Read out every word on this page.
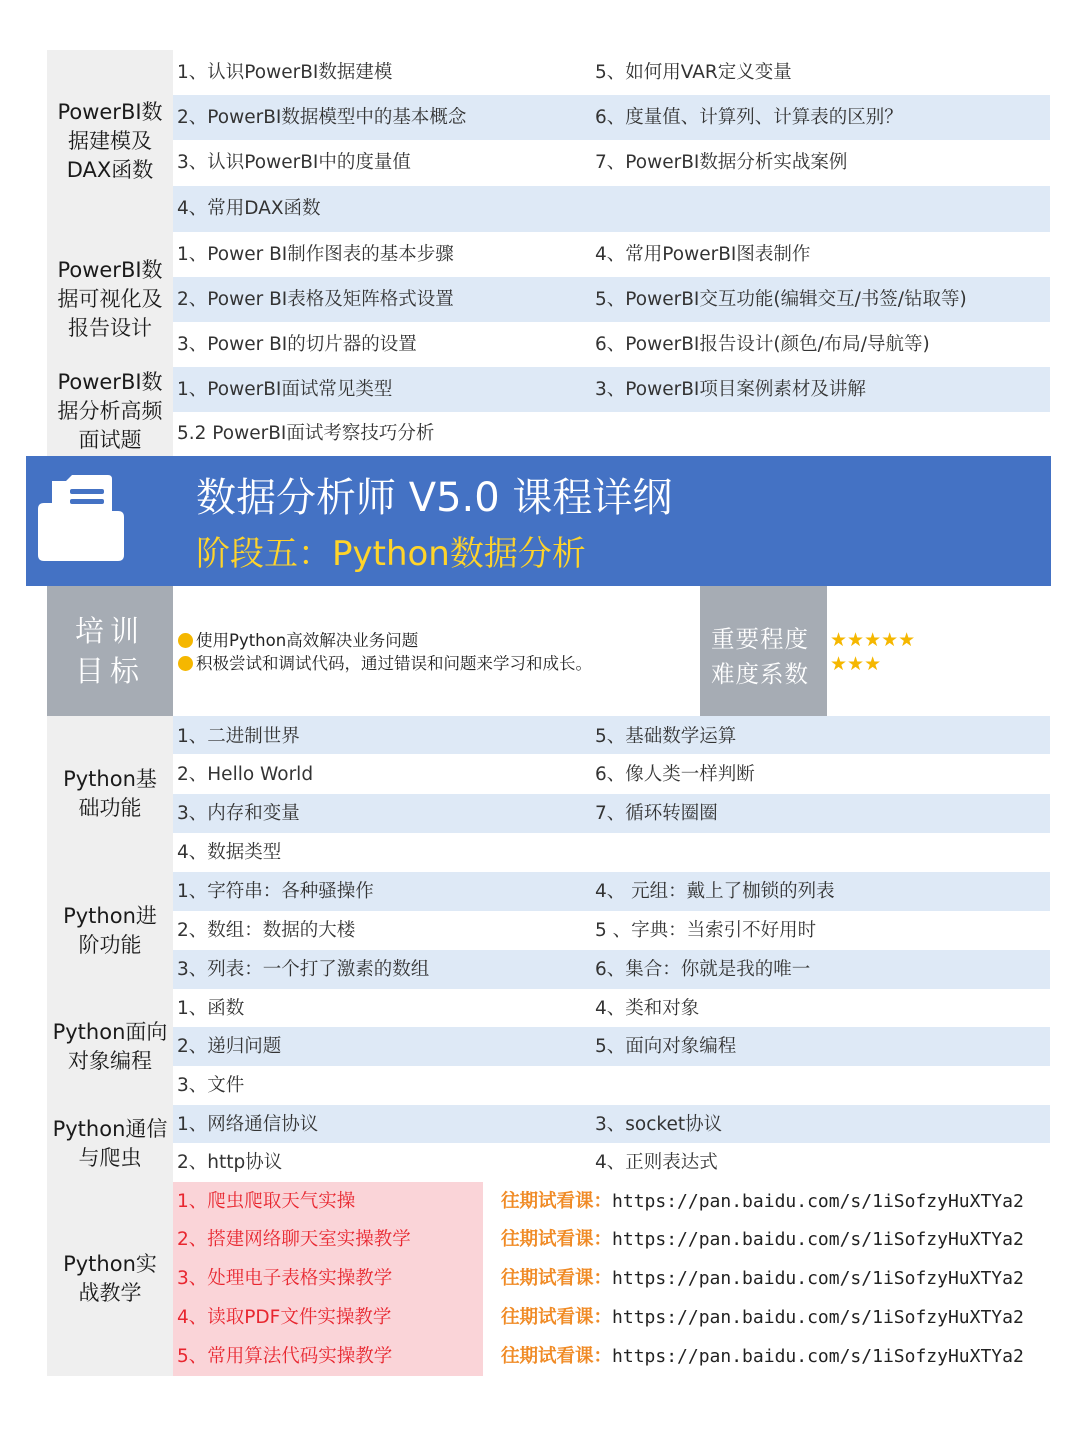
PowerBI数据建模及DAX函数
1、认识PowerBI数据建模	5、如何用VAR定义变量
2、PowerBI数据模型中的基本概念	6、度量值、计算列、计算表的区别？
3、认识PowerBI中的度量值	7、PowerBI数据分析实战案例
4、常用DAX函数
PowerBI数据可视化及报告设计
1、Power BI制作图表的基本步骤	4、常用PowerBI图表制作
2、Power BI表格及矩阵格式设置	5、PowerBI交互功能(编辑交互/书签/钻取等)
3、Power BI的切片器的设置	6、PowerBI报告设计(颜色/布局/导航等)
PowerBI数据分析高频面试题
1、PowerBI面试常见类型	3、PowerBI项目案例素材及讲解
5.2 PowerBI面试考察技巧分析
数据分析师 V5.0 课程详纲
阶段五：Python数据分析
培训目标
使用Python高效解决业务问题
积极尝试和调试代码，通过错误和问题来学习和成长。
重要程度
难度系数
★★★★★
★★★
Python基础功能
1、二进制世界	5、基础数学运算
2、Hello World	6、像人类一样判断
3、内存和变量	7、循环转圈圈
4、数据类型
Python进阶功能
1、字符串：各种骚操作	4、 元组：戴上了枷锁的列表
2、数组：数据的大楼	5 、字典：当索引不好用时
3、列表：一个打了激素的数组	6、集合：你就是我的唯一
Python面向对象编程
1、函数	4、类和对象
2、递归问题	5、面向对象编程
3、文件
Python通信与爬虫
1、网络通信协议	3、socket协议
2、http协议	4、正则表达式
Python实战教学
1、爬虫爬取天气实操	往期试看课：https://pan.baidu.com/s/1iSofzyHuXTYa2
2、搭建网络聊天室实操教学	往期试看课：https://pan.baidu.com/s/1iSofzyHuXTYa2
3、处理电子表格实操教学	往期试看课：https://pan.baidu.com/s/1iSofzyHuXTYa2
4、读取PDF文件实操教学	往期试看课：https://pan.baidu.com/s/1iSofzyHuXTYa2
5、常用算法代码实操教学	往期试看课：https://pan.baidu.com/s/1iSofzyHuXTYa2
